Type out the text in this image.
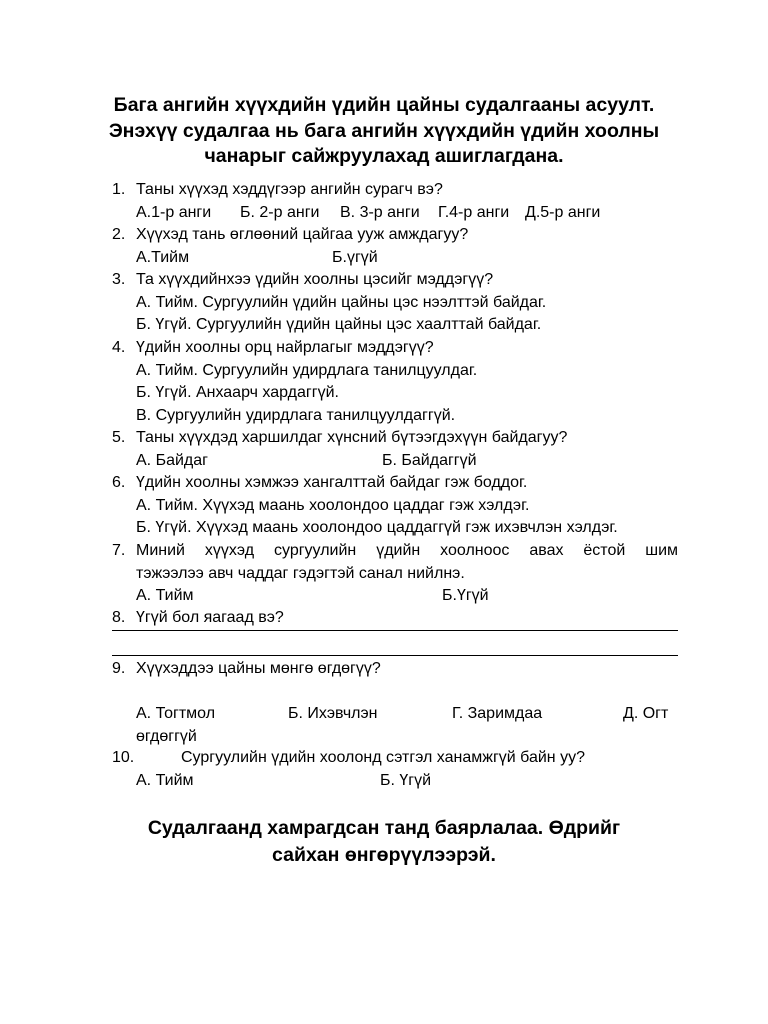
Бага ангийн хүүхдийн үдийн цайны судалгааны асуулт.
Энэхүү судалгаа нь бага ангийн хүүхдийн үдийн хоолны
чанарыг сайжруулахад ашиглагдана.
1. Таны хүүхэд хэддүгээр ангийн сурагч вэ?
А.1-р анги Б. 2-р анги В. 3-р анги Г.4-р анги Д.5-р анги
2. Хүүхэд тань өглөөний цайгаа ууж амждагуу?
А.Тийм	Б.үгүй
3. Та хүүхдийнхээ үдийн хоолны цэсийг мэддэгүү?
А. Тийм. Сургуулийн үдийн цайны цэс нээлттэй байдаг.
Б. Үгүй. Сургуулийн үдийн цайны цэс хаалттай байдаг.
4. Үдийн хоолны орц найрлагыг мэддэгүү?
А. Тийм. Сургуулийн удирдлага танилцуулдаг.
Б. Үгүй. Анхаарч хардаггүй.
В. Сургуулийн удирдлага танилцуулдаггүй.
5. Таны хүүхдэд харшилдаг хүнсний бүтээгдэхүүн байдагуу?
А. Байдаг	Б. Байдаггүй
6. Үдийн хоолны хэмжээ хангалттай байдаг гэж боддог.
А. Тийм. Хүүхэд маань хоолондоо цаддаг гэж хэлдэг.
Б. Үгүй. Хүүхэд маань хоолондоо цаддаггүй гэж ихэвчлэн хэлдэг.
7. Миний хүүхэд сургуулийн үдийн хоолноос авах ёстой шим
тэжээлээ авч чаддаг гэдэгтэй санал нийлнэ.
А. Тийм	Б.Үгүй
8. Үгүй бол яагаад вэ?
9. Хүүхэддээ цайны мөнгө өгдөгүү?
А. Тогтмол	Б. Ихэвчлэн	Г. Заримдаа	Д. Огт
өгдөггүй
10.	Сургуулийн үдийн хоолонд сэтгэл ханамжгүй байн уу?
А. Тийм	Б. Үгүй
Судалгаанд хамрагдсан танд баярлалаа. Өдрийг
сайхан өнгөрүүлээрэй.
